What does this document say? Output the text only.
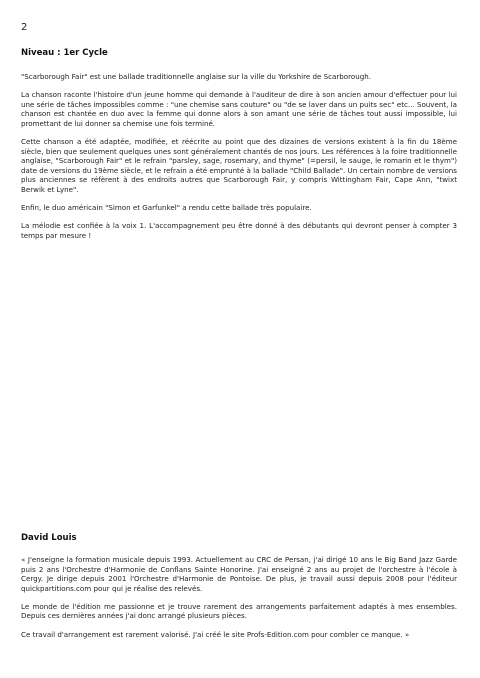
2
Niveau : 1er Cycle

"Scarborough Fair" est une ballade traditionnelle anglaise sur la ville du Yorkshire de Scarborough.

La chanson raconte l'histoire d'un jeune homme qui demande à l'auditeur de dire à son ancien amour d'effectuer pour lui une série de tâches impossibles comme : "une chemise sans couture" ou "de se laver dans un puits sec" etc... Souvent, la chanson est chantée en duo avec la femme qui donne alors à son amant une série de tâches tout aussi impossible, lui promettant de lui donner sa chemise une fois terminé.

Cette chanson a été adaptée, modifiée, et réécrite au point que des dizaines de versions existent à la fin du 18ème siècle, bien que seulement quelques unes sont généralement chantés de nos jours. Les références à la foire traditionnelle anglaise, "Scarborough Fair" et le refrain "parsley, sage, rosemary, and thyme" (=persil, le sauge, le romarin et le thym") date de versions du 19ème siècle, et le refrain a été emprunté à la ballade "Child Ballade". Un certain nombre de versions plus anciennes se réfèrent à des endroits autres que Scarborough Fair, y compris Wittingham Fair, Cape Ann, "twixt Berwik et Lyne".

Enfin, le duo américain "Simon et Garfunkel" a rendu cette ballade très populaire.

La mélodie est confiée à la voix 1. L'accompagnement peu être donné à des débutants qui devront penser à compter 3 temps par mesure !

David Louis

« J'enseigne la formation musicale depuis 1993. Actuellement au CRC de Persan, j'ai dirigé 10 ans le Big Band Jazz Garde puis 2 ans l'Orchestre d'Harmonie de Conflans Sainte Honorine. J'ai enseigné 2 ans au projet de l'orchestre à l'école à Cergy. Je dirige depuis 2001 l'Orchestre d'Harmonie de Pontoise. De plus, je travail aussi depuis 2008 pour l'éditeur quickpartitions.com pour qui je réalise des relevés.

Le monde de l'édition me passionne et je trouve rarement des arrangements parfaitement adaptés à mes ensembles. Depuis ces dernières années j'ai donc arrangé plusieurs pièces.

Ce travail d'arrangement est rarement valorisé. J'ai créé le site Profs-Edition.com pour combler ce manque. »
